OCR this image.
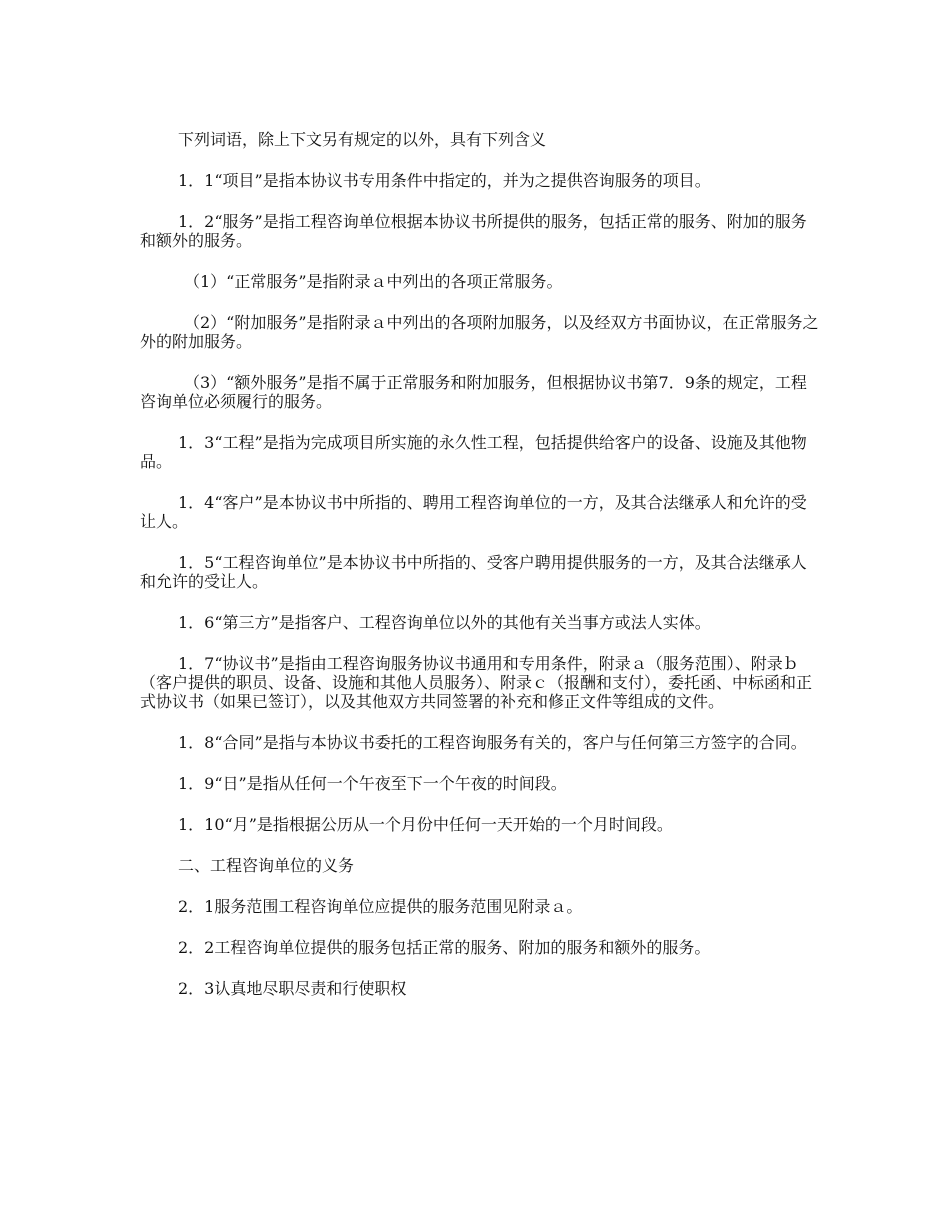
下列词语，除上下文另有规定的以外，具有下列含义

1．1“项目”是指本协议书专用条件中指定的，并为之提供咨询服务的项目。

1．2“服务”是指工程咨询单位根据本协议书所提供的服务，包括正常的服务、附加的服务和额外的服务。

（1）“正常服务”是指附录ａ中列出的各项正常服务。

（2）“附加服务”是指附录ａ中列出的各项附加服务，以及经双方书面协议，在正常服务之外的附加服务。

（3）“额外服务”是指不属于正常服务和附加服务，但根据协议书第7．9条的规定，工程咨询单位必须履行的服务。

1．3“工程”是指为完成项目所实施的永久性工程，包括提供给客户的设备、设施及其他物品。

1．4“客户”是本协议书中所指的、聘用工程咨询单位的一方，及其合法继承人和允许的受让人。

1．5“工程咨询单位”是本协议书中所指的、受客户聘用提供服务的一方，及其合法继承人和允许的受让人。

1．6“第三方”是指客户、工程咨询单位以外的其他有关当事方或法人实体。

1．7“协议书”是指由工程咨询服务协议书通用和专用条件，附录ａ（服务范围）、附录ｂ（客户提供的职员、设备、设施和其他人员服务）、附录ｃ（报酬和支付），委托函、中标函和正式协议书（如果已签订），以及其他双方共同签署的补充和修正文件等组成的文件。

1．8“合同”是指与本协议书委托的工程咨询服务有关的，客户与任何第三方签字的合同。

1．9“日”是指从任何一个午夜至下一个午夜的时间段。

1．10“月”是指根据公历从一个月份中任何一天开始的一个月时间段。

二、工程咨询单位的义务

2．1服务范围工程咨询单位应提供的服务范围见附录ａ。

2．2工程咨询单位提供的服务包括正常的服务、附加的服务和额外的服务。

2．3认真地尽职尽责和行使职权
